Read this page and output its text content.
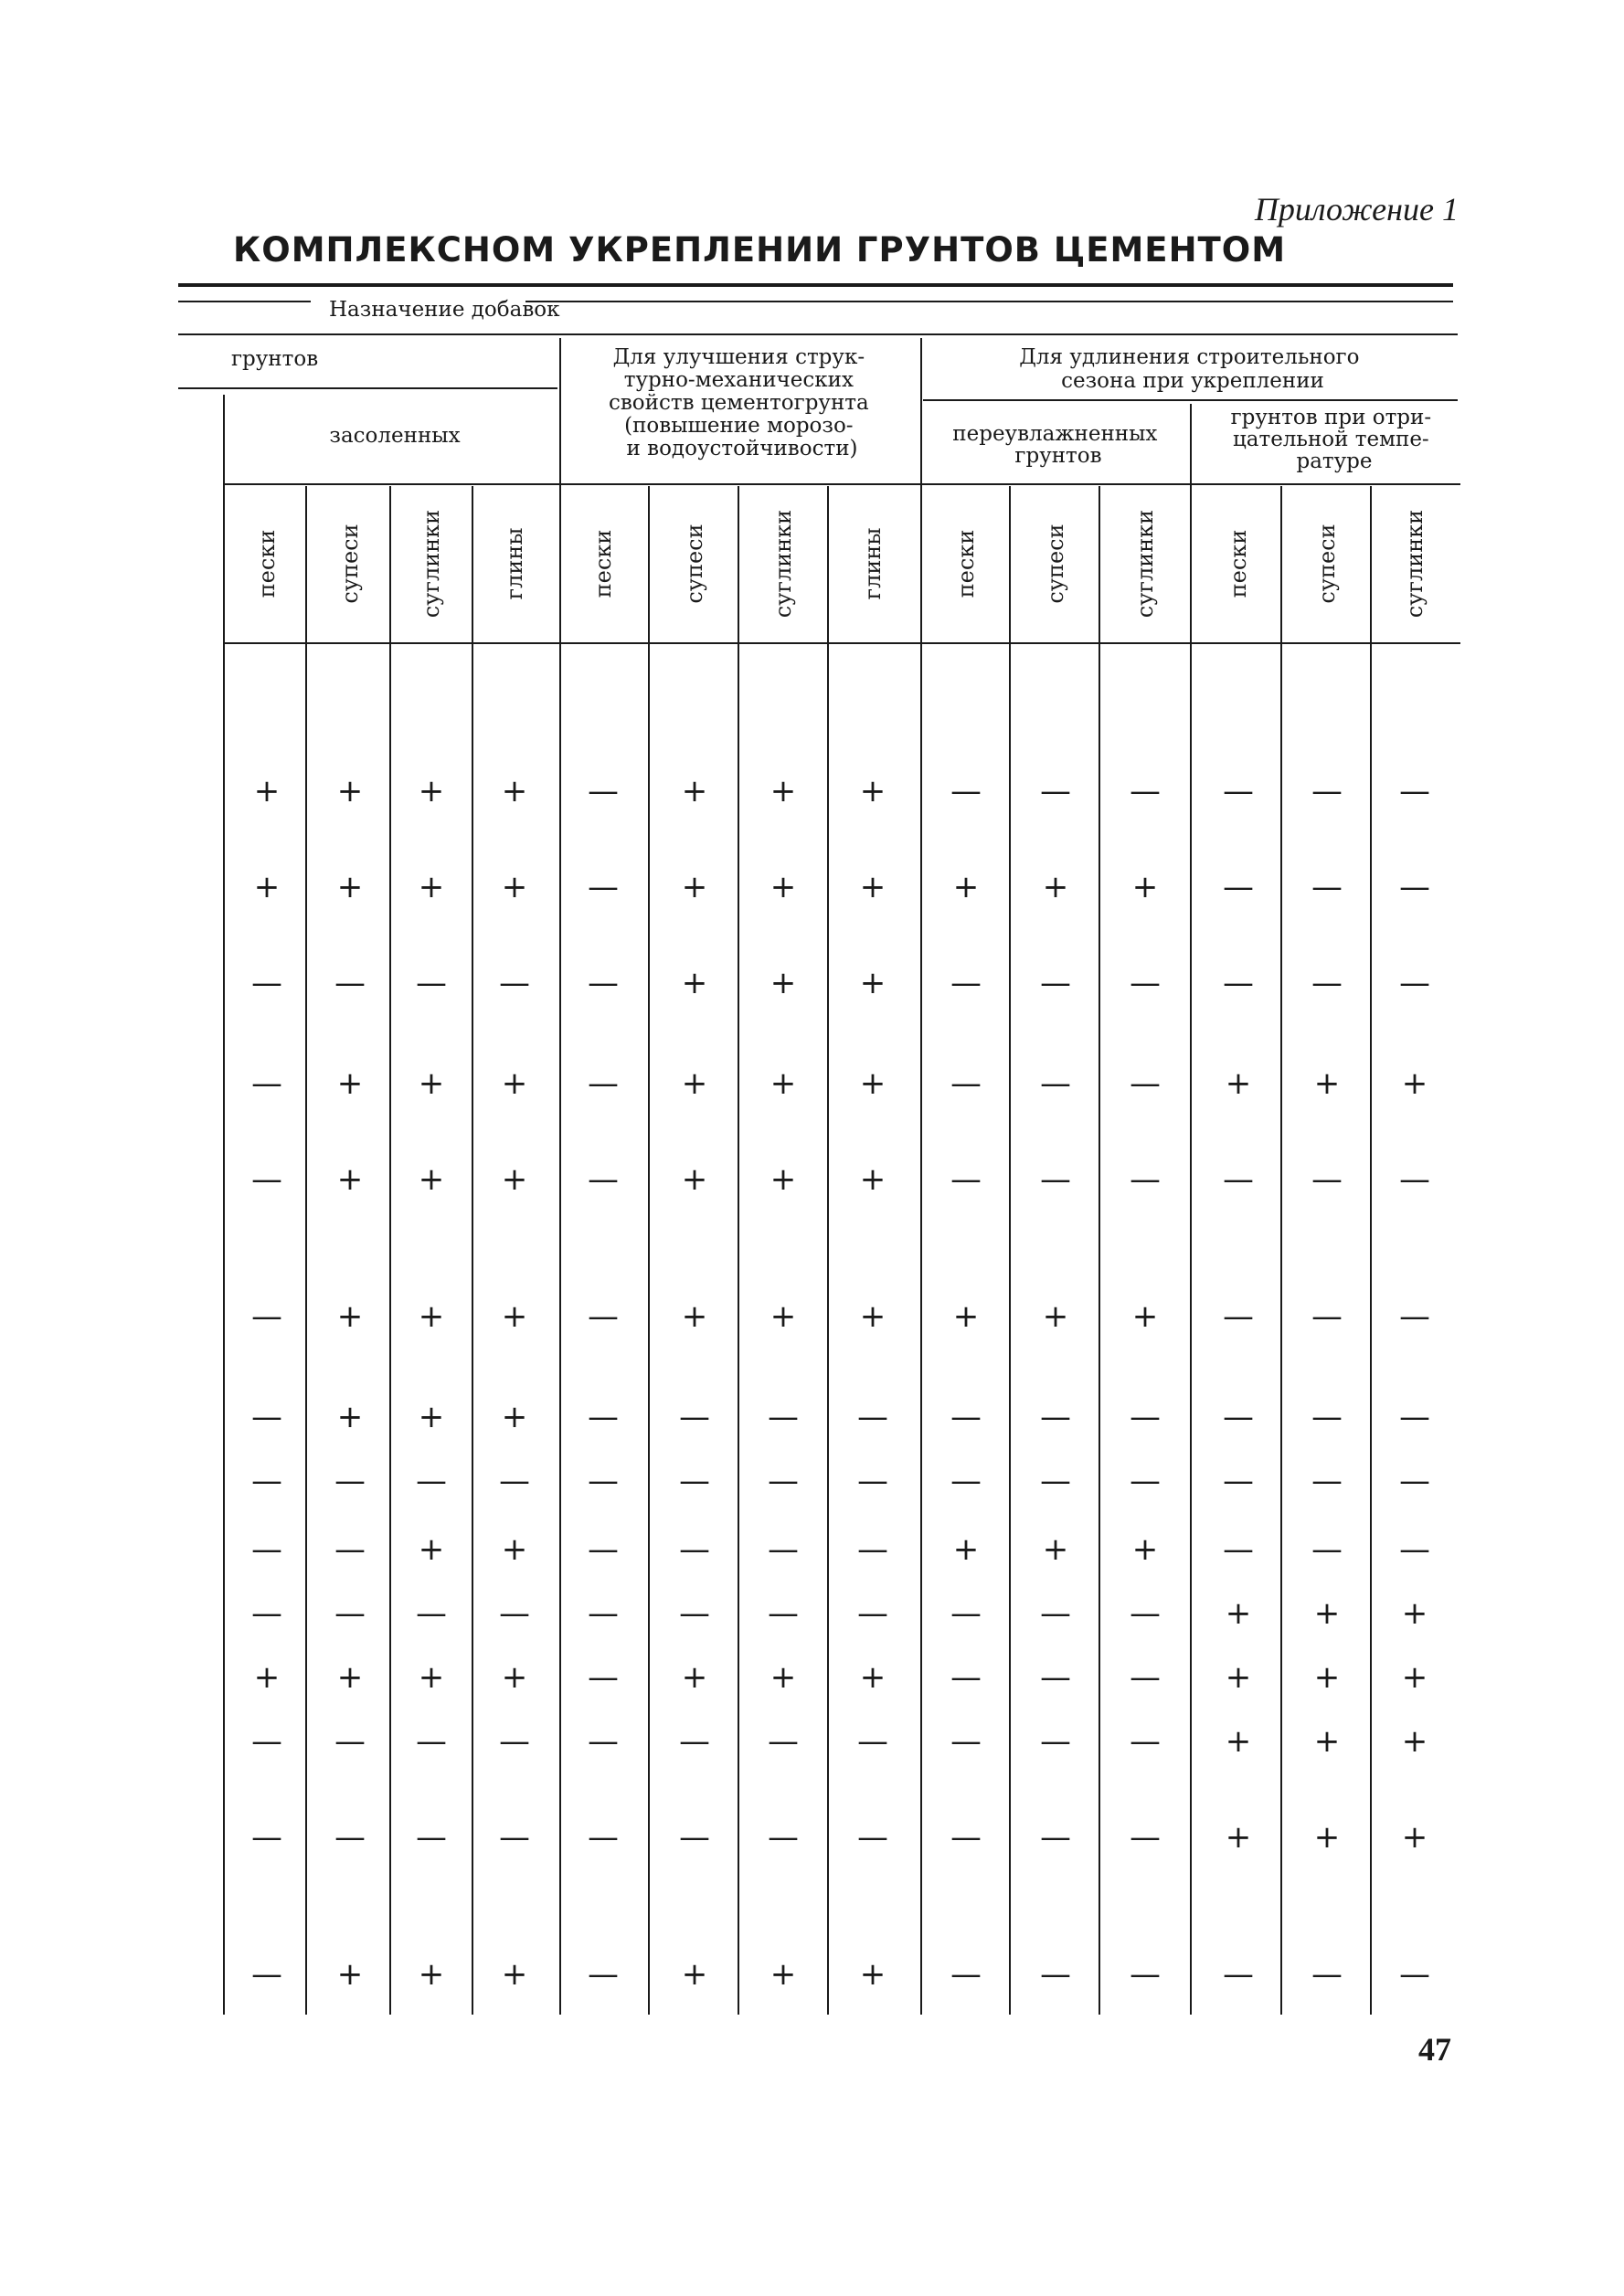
Приложение 1
КОМПЛЕКСНОМ УКРЕПЛЕНИИ ГРУНТОВ ЦЕМЕНТОМ
Назначение добавок
грунтов
засоленных
Для улучшения струк- турно-механических свойств цементогрунта (повышение морозо- и водоустойчивости)
Для удлинения строительного сезона при укреплении
переувлажненных грунтов
грунтов при отри- цательной темпе- ратуре
пески	супеси	суглинки	глины	пески	супеси	суглинки	глины	пески	супеси	суглинки	пески	супеси	суглинки
+ + + + — + + + — — — — — —
+ + + + — + + + + + + — — —
— — — — — + + + — — — — — —
— + + + — + + + — — — + + +
— + + + — + + + — — — — — —
— + + + — + + + + + + — — —
— + + + — — — — — — — — — —
— — — — — — — — — — — — — —
— — + + — — — — + + + — — —
— — — — — — — — — — — + + +
+ + + + — + + + — — — + + +
— — — — — — — — — — — + + +
— — — — — — — — — — — + + +
— + + + — + + + — — — — — —
47
